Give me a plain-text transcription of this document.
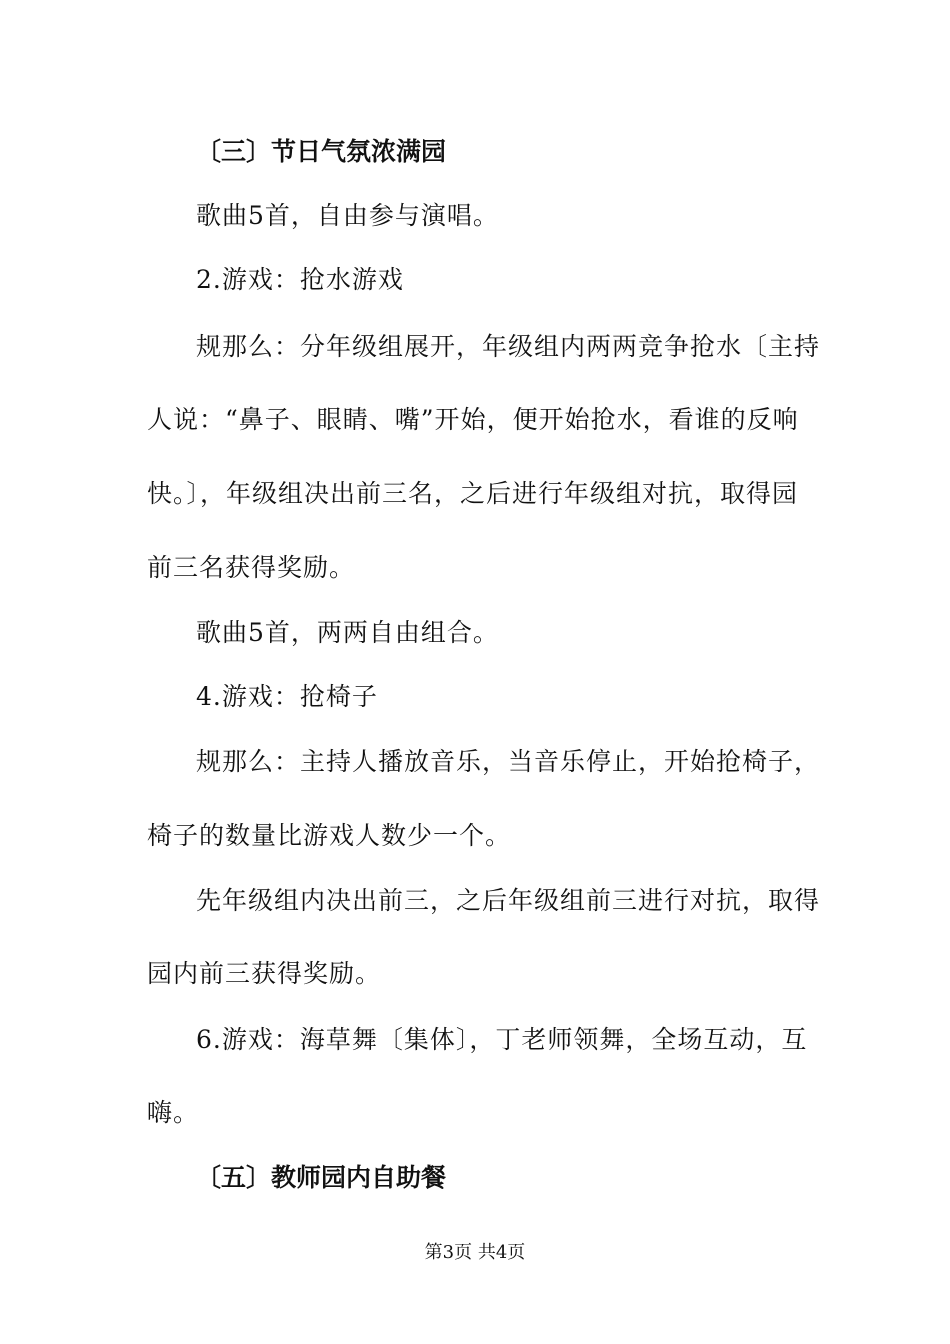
〔三〕节日气氛浓满园
歌曲5首，自由参与演唱。
2.游戏：抢水游戏
规那么：分年级组展开，年级组内两两竞争抢水〔主持
人说：“鼻子、眼睛、嘴”开始，便开始抢水，看谁的反响
快。〕，年级组决出前三名，之后进行年级组对抗，取得园
前三名获得奖励。
歌曲5首，两两自由组合。
4.游戏：抢椅子
规那么：主持人播放音乐，当音乐停止，开始抢椅子，
椅子的数量比游戏人数少一个。
先年级组内决出前三，之后年级组前三进行对抗，取得
园内前三获得奖励。
6.游戏：海草舞〔集体〕，丁老师领舞，全场互动，互
嗨。
〔五〕教师园内自助餐
第3页 共4页
